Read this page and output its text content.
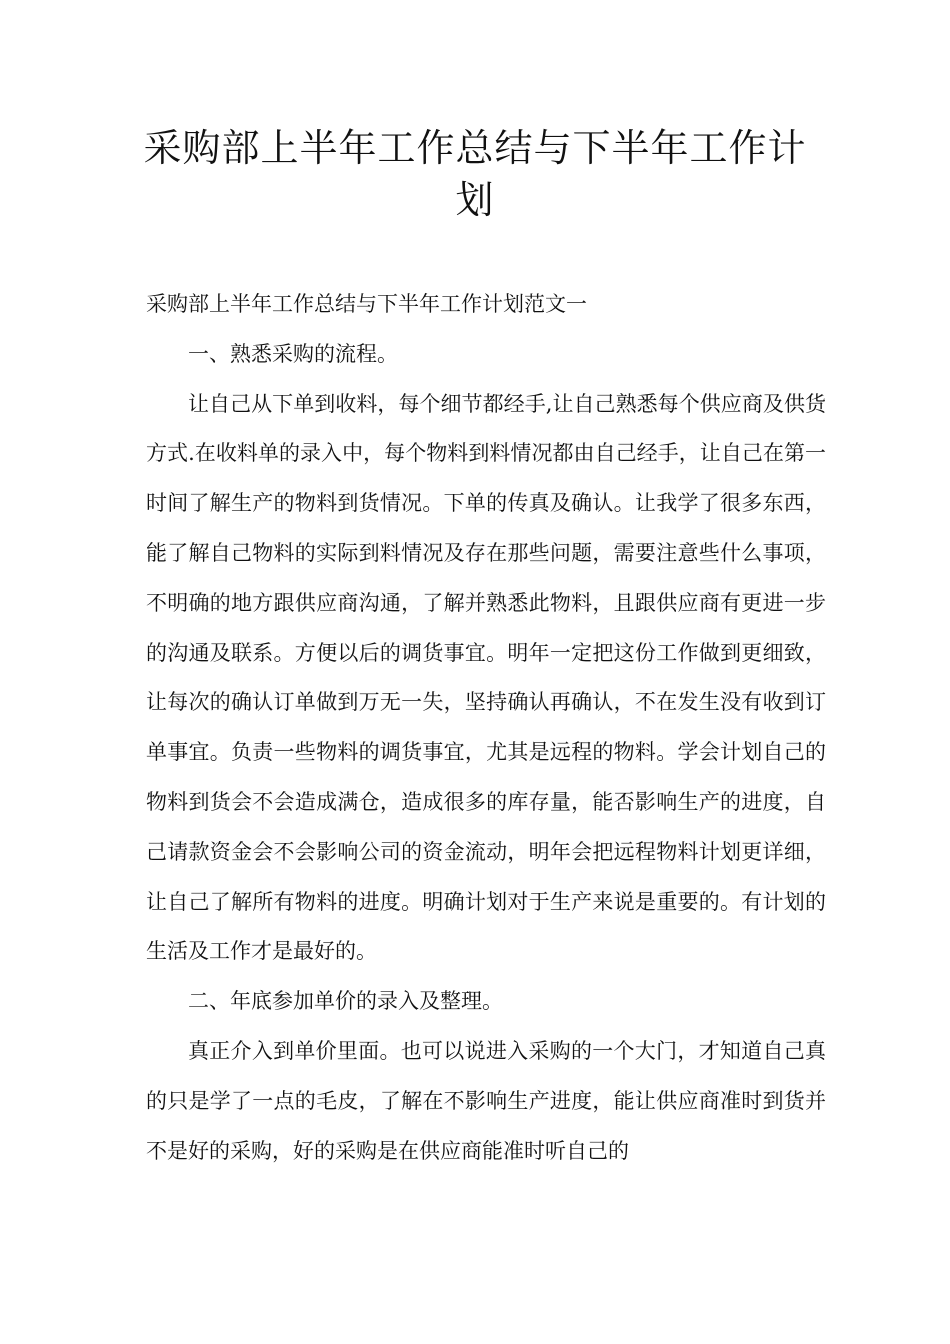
采购部上半年工作总结与下半年工作计
划

采购部上半年工作总结与下半年工作计划范文一

一、熟悉采购的流程。

让自己从下单到收料，每个细节都经手,让自己熟悉每个供应商及供货方式.在收料单的录入中，每个物料到料情况都由自己经手，让自己在第一时间了解生产的物料到货情况。下单的传真及确认。让我学了很多东西，能了解自己物料的实际到料情况及存在那些问题，需要注意些什么事项，不明确的地方跟供应商沟通，了解并熟悉此物料，且跟供应商有更进一步的沟通及联系。方便以后的调货事宜。明年一定把这份工作做到更细致，让每次的确认订单做到万无一失，坚持确认再确认，不在发生没有收到订单事宜。负责一些物料的调货事宜，尤其是远程的物料。学会计划自己的物料到货会不会造成满仓，造成很多的库存量，能否影响生产的进度，自己请款资金会不会影响公司的资金流动，明年会把远程物料计划更详细，让自己了解所有物料的进度。明确计划对于生产来说是重要的。有计划的生活及工作才是最好的。

二、年底参加单价的录入及整理。

真正介入到单价里面。也可以说进入采购的一个大门，才知道自己真的只是学了一点的毛皮，了解在不影响生产进度，能让供应商准时到货并不是好的采购，好的采购是在供应商能准时听自己的
